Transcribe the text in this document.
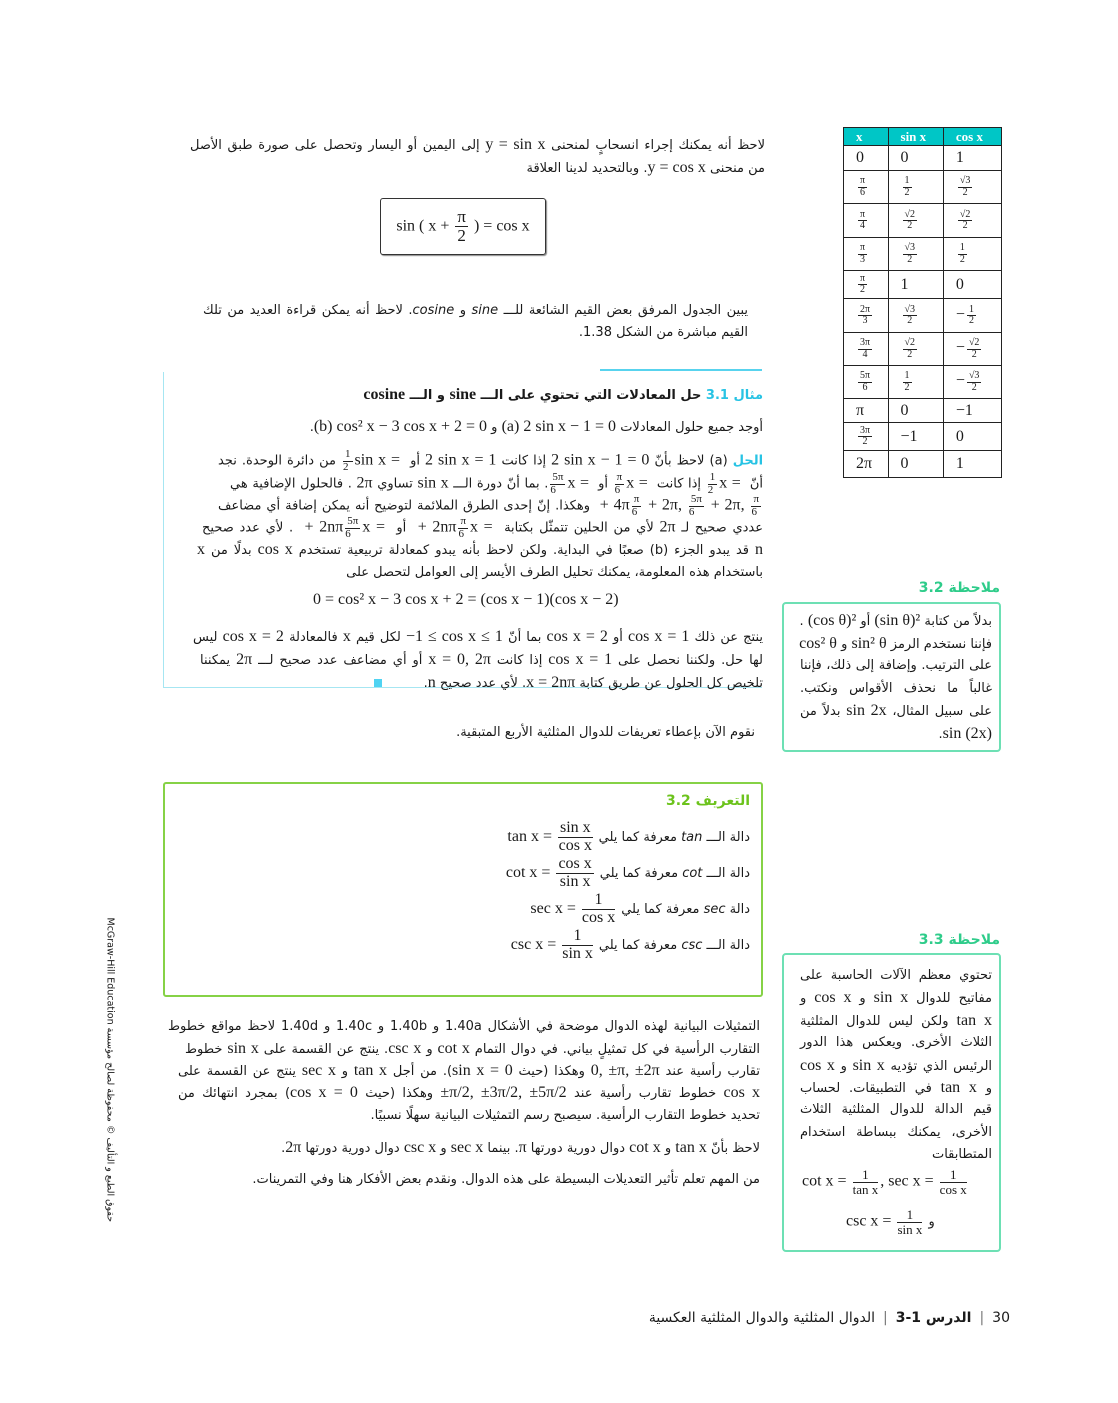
لاحظ أنه يمكنك إجراء انسحابٍ لمنحنى y = sin x إلى اليمين أو اليسار وتحصل على صورة طبق الأصل
من منحنى y = cos x. وبالتحديد لدينا العلاقة
sin ( $x + \frac{\pi}{2}$ ) = cos x
يبين الجدول المرفق بعض القيم الشائعة للـــ sine و cosine. لاحظ أنه يمكن قراءة العديد من تلك
القيم مباشرة من الشكل 1.38.
مثال 3.1 حل المعادلات التي تحتوي على الـــ sine و الـــ cosine
أوجد جميع حلول المعادلات (a) 2 sin x − 1 = 0 و (b) cos² x − 3 cos x + 2 = 0.
الحل (a) لاحظ بأنّ 2 sin x − 1 = 0 إذا كانت 2 sin x = 1 أو sin x =
$\frac{1}{2}$
من دائرة الوحدة. نجد
أنّ x =
$\frac{1}{2}$
إذا كانت x =
$\frac{\pi}{6}$
أو x =
$\frac{5\pi}{6}$
. بما أنّ دورة الـــ sin x تساوي 2π . فالحلول الإضافية هي
$\frac{\pi}{6}$
+ 2π,
$\frac{5\pi}{6}$
+ 2π,
$\frac{\pi}{6}$
+ 4π وهكذا. إنّ إحدى الطرق الملائمة لتوضيح أنه يمكن إضافة أي مضاعف
عددي صحيح لـ 2π لأي من الحلين تتمثّل بكتابة x =
$\frac{\pi}{6}$
+ 2nπ أو x =
$\frac{5\pi}{6}$
+ 2nπ . لأي عدد صحيح
n قد يبدو الجزء (b) صعبًا في البداية. ولكن لاحظ بأنه يبدو كمعادلة تربيعية تستخدم cos x بدلًا من x
باستخدام هذه المعلومة، يمكنك تحليل الطرف الأيسر إلى العوامل لتحصل على
0 = cos² x − 3 cos x + 2 = (cos x − 1)(cos x − 2)
ينتج عن ذلك cos x = 1 أو cos x = 2 بما أنّ −1 ≤ cos x ≤ 1 لكل قيم x فالمعادلة cos x = 2 ليس
لها حل. ولكننا نحصل على cos x = 1 إذا كانت x = 0, 2π أو أي مضاعف عدد صحيح لـــ 2π يمكننا
تلخيص كل الحلول عن طريق كتابة x = 2nπ. لأي عدد صحيح n.
نقوم الآن بإعطاء تعريفات للدوال المثلثية الأربع المتبقية.
التعريف 3.2
التمثيلات البيانية لهذه الدوال موضحة في الأشكال 1.40a و 1.40b و 1.40c و 1.40d لاحظ مواقع خطوط
التقارب الرأسية في كل تمثيلٍ بياني. في دوال التمام cot x و csc x. ينتج عن القسمة على sin x خطوط
تقارب رأسية عند 0, ±π, ±2π وهكذا (حيث sin x = 0). من أجل tan x و sec x ينتج عن القسمة على
cos x خطوط تقارب رأسية عند ±π/2, ±3π/2, ±5π/2 وهكذا (حيث cos x = 0) بمجرد انتهائك من
تحديد خطوط التقارب الرأسية. سيصبح رسم التمثيلات البيانية سهلًا نسبيًا.
لاحظ بأنّ tan x و cot x دوال دورية دورتها π. بينما sec x و csc x دوال دورية دورتها 2π.
من المهم تعلم تأثير التعديلات البسيطة على هذه الدوال. ونقدم بعض الأفكار هنا وفي التمرينات.
x	sin x	cos x
0	0	1

$\frac{\pi}{6}$	$\frac{1}{2}$	$\frac{√3}{2}$

$\frac{\pi}{4}$	$\frac{√2}{2}$	$\frac{√2}{2}$

$\frac{\pi}{3}$	$\frac{√3}{2}$	$\frac{1}{2}$

$\frac{\pi}{2}$	1	0

$\frac{2\pi}{3}$	$\frac{√3}{2}$	− $\frac{1}{2}$

$\frac{3\pi}{4}$	$\frac{√2}{2}$	− $\frac{√2}{2}$

$\frac{5\pi}{6}$	$\frac{1}{2}$	− $\frac{√3}{2}$

π	0	−1

$\frac{3\pi}{2}$	−1	0
2π	0	1
ملاحظة 3.2
بدلاً من كتابة (sin θ)² أو (cos θ)² .
فإننا نستخدم الرمز sin² θ و cos² θ
على الترتيب. وإضافة إلى ذلك، فإننا
غالباً ما نحذف الأقواس ونكتب.
على سبيل المثال، sin 2x بدلاً من
sin (2x).
ملاحظة 3.3
تحتوي معظم الآلات الحاسبة على
مفاتيح للدوال sin x و cos x و
tan x ولكن ليس للدوال المثلثية
الثلاث الأخرى. ويعكس هذا الدور
الرئيس الذي تؤديه sin x و cos x
و tan x في التطبيقات. لحساب
قيم الدالة للدوال المثلثية الثلاث
الأخرى، يمكنك ببساطة استخدام
المتطابقات
$\cot x = \frac{1}{\text{tan x}}$ , $\sec x = \frac{1}{\text{cos x}}$
$\csc x = \frac{1}{\text{sin x}}$ و
30|الدرس 1-3|الدوال المثلثية والدوال المثلثية العكسية
حقوق الطبع و التأليف © محفوظة لصالح مؤسسة McGraw-Hill Education
دالة الـــ tan معرفة كما يليtan $x = \frac{\text{sin x}}{\text{cos x}}$
دالة الـــ cot معرفة كما يليcot $x = \frac{\text{cos x}}{\text{sin x}}$
دالة sec معرفة كما يليsec $x = \frac{1}{\text{cos x}}$
دالة الـــ csc معرفة كما يليcsc $x = \frac{1}{\text{sin x}}$
